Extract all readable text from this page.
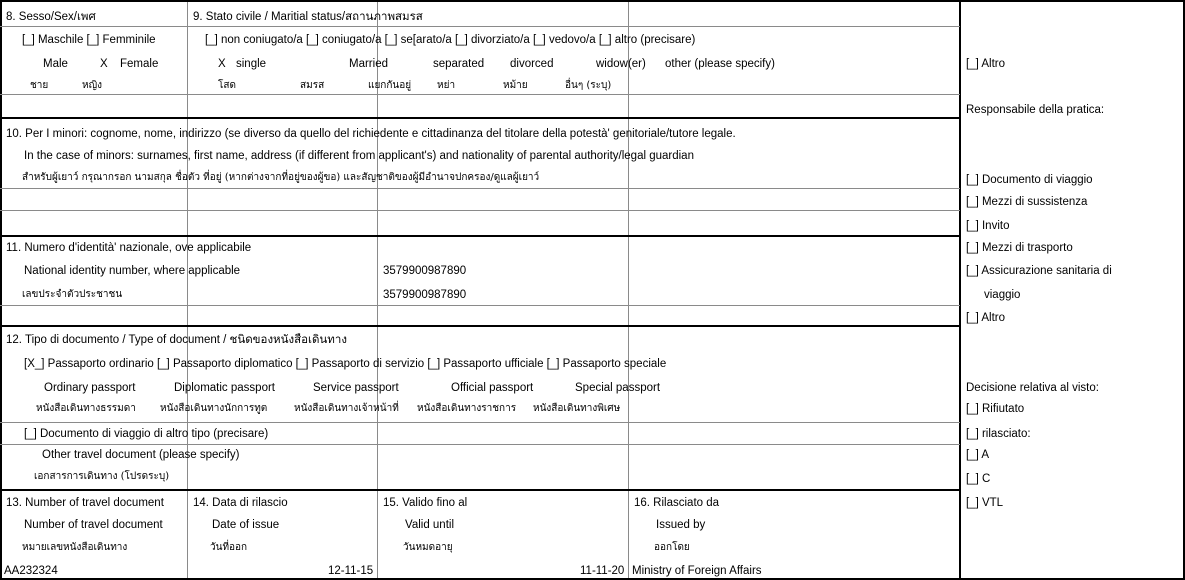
8. Sesso/Sex/เพศ
[_] Maschile [_] Femminile
Male	X Female
ชาย	หญิง
9. Stato civile / Maritial status/สถานภาพสมรส
[_] non coniugato/a [_] coniugato/a [_] se[arato/a [_] divorziato/a [_] vedovo/a [_] altro (precisare)
X single	Married	separated divorced	widow(er) other (please specify)
โสด	สมรส	แยกกันอยู่	หย่า	หม้าย	อื่นๆ (ระบุ)
10. Per I minori: cognome, nome, indirizzo (se diverso da quello del richiedente e cittadinanza del titolare della potestà' genitoriale/tutore legale.
In the case of minors: surnames, first name, address (if different from applicant's) and nationality of parental authority/legal guardian
สำหรับผู้เยาว์ กรุณากรอก นามสกุล ชื่อตัว ที่อยู่ (หากต่างจากที่อยู่ของผู้ขอ) และสัญชาติของผู้มีอำนาจปกครอง/ดูแลผู้เยาว์
11. Numero d'identità' nazionale, ove applicabile
National identity number, where applicable	3579900987890
เลขประจำตัวประชาชน	3579900987890
12. Tipo di documento / Type of document / ชนิดของหนังสือเดินทาง
[X_] Passaporto ordinario [_] Passaporto diplomatico [_] Passaporto di servizio [_] Passaporto ufficiale [_] Passaporto speciale
Ordinary passport	Diplomatic passport	Service passport	Official passport	Special passport
หนังสือเดินทางธรรมดา หนังสือเดินทางนักการทูต	หนังสือเดินทางเจ้าหน้าที่ หนังสือเดินทางราชการ หนังสือเดินทางพิเศษ
[_] Documento di viaggio di altro tipo (precisare)
Other travel document (please specify)
เอกสารการเดินทาง (โปรดระบุ)
13. Number of travel document
Number of travel document
หมายเลขหนังสือเดินทาง
AA232324
14. Data di rilascio
Date of issue
วันที่ออก
12-11-15
15. Valido fino al
Valid until
วันหมดอายุ
11-11-20
16. Rilasciato da
Issued by
ออกโดย
Ministry of Foreign Affairs
[_] Altro
Responsabile della pratica:
[_] Documento di viaggio
[_] Mezzi di sussistenza
[_] Invito
[_] Mezzi di trasporto
[_] Assicurazione sanitaria di
viaggio
[_] Altro
Decisione relativa al visto:
[_] Rifiutato
[_] rilasciato:
[_] A
[_] C
[_] VTL
